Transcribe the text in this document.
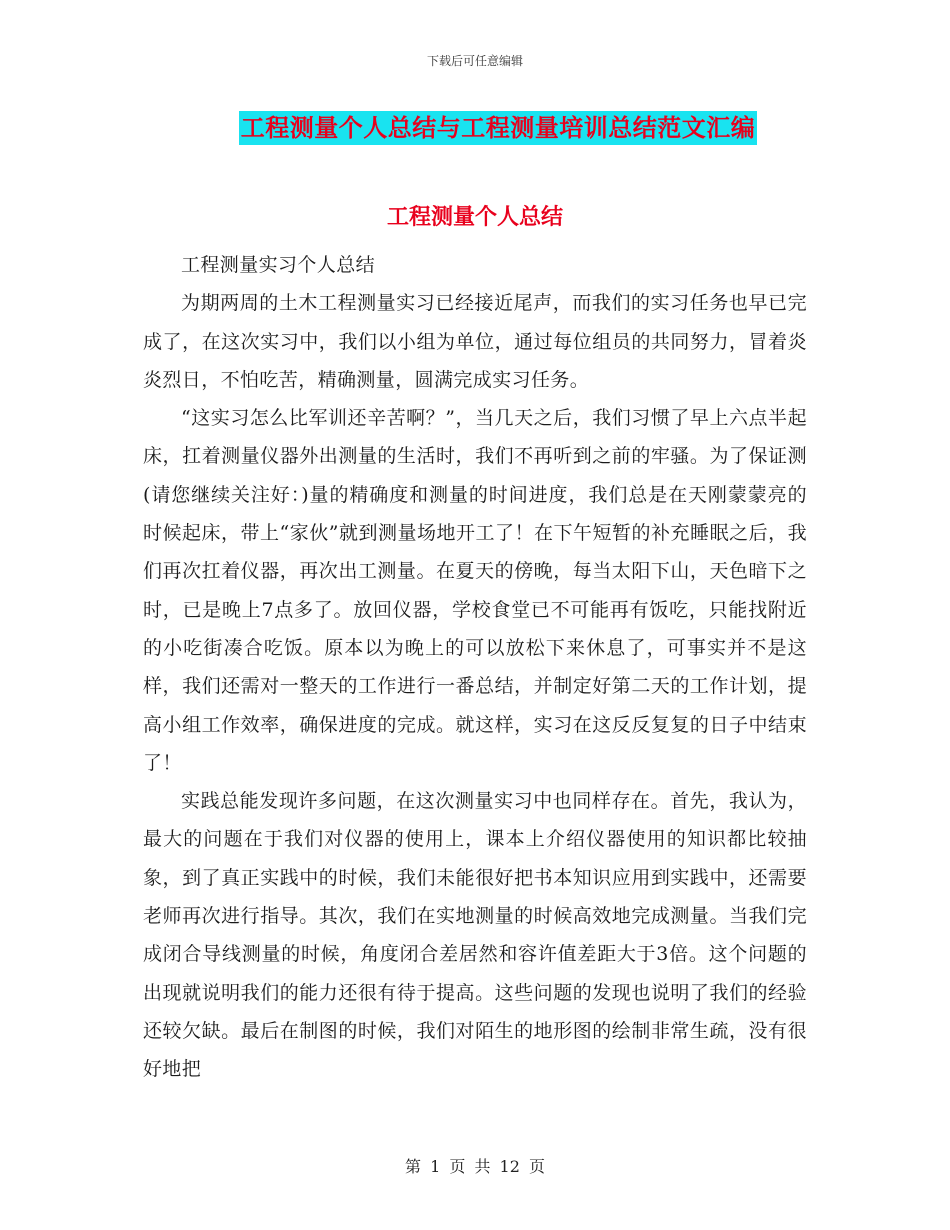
下载后可任意编辑
工程测量个人总结与工程测量培训总结范文汇编
工程测量个人总结

工程测量实习个人总结

为期两周的土木工程测量实习已经接近尾声，而我们的实习任务也早已完成了，在这次实习中，我们以小组为单位，通过每位组员的共同努力，冒着炎炎烈日，不怕吃苦，精确测量，圆满完成实习任务。

“这实习怎么比军训还辛苦啊？”，当几天之后，我们习惯了早上六点半起床，扛着测量仪器外出测量的生活时，我们不再听到之前的牢骚。为了保证测(请您继续关注好：)量的精确度和测量的时间进度，我们总是在天刚蒙蒙亮的时候起床，带上“家伙”就到测量场地开工了！在下午短暂的补充睡眠之后，我们再次扛着仪器，再次出工测量。在夏天的傍晚，每当太阳下山，天色暗下之时，已是晚上7点多了。放回仪器，学校食堂已不可能再有饭吃，只能找附近的小吃街凑合吃饭。原本以为晚上的可以放松下来休息了，可事实并不是这样，我们还需对一整天的工作进行一番总结，并制定好第二天的工作计划，提高小组工作效率，确保进度的完成。就这样，实习在这反反复复的日子中结束了！

实践总能发现许多问题，在这次测量实习中也同样存在。首先，我认为，最大的问题在于我们对仪器的使用上，课本上介绍仪器使用的知识都比较抽象，到了真正实践中的时候，我们未能很好把书本知识应用到实践中，还需要老师再次进行指导。其次，我们在实地测量的时候高效地完成测量。当我们完成闭合导线测量的时候，角度闭合差居然和容许值差距大于3倍。这个问题的出现就说明我们的能力还很有待于提高。这些问题的发现也说明了我们的经验还较欠缺。最后在制图的时候，我们对陌生的地形图的绘制非常生疏，没有很好地把

第 1 页 共 12 页
